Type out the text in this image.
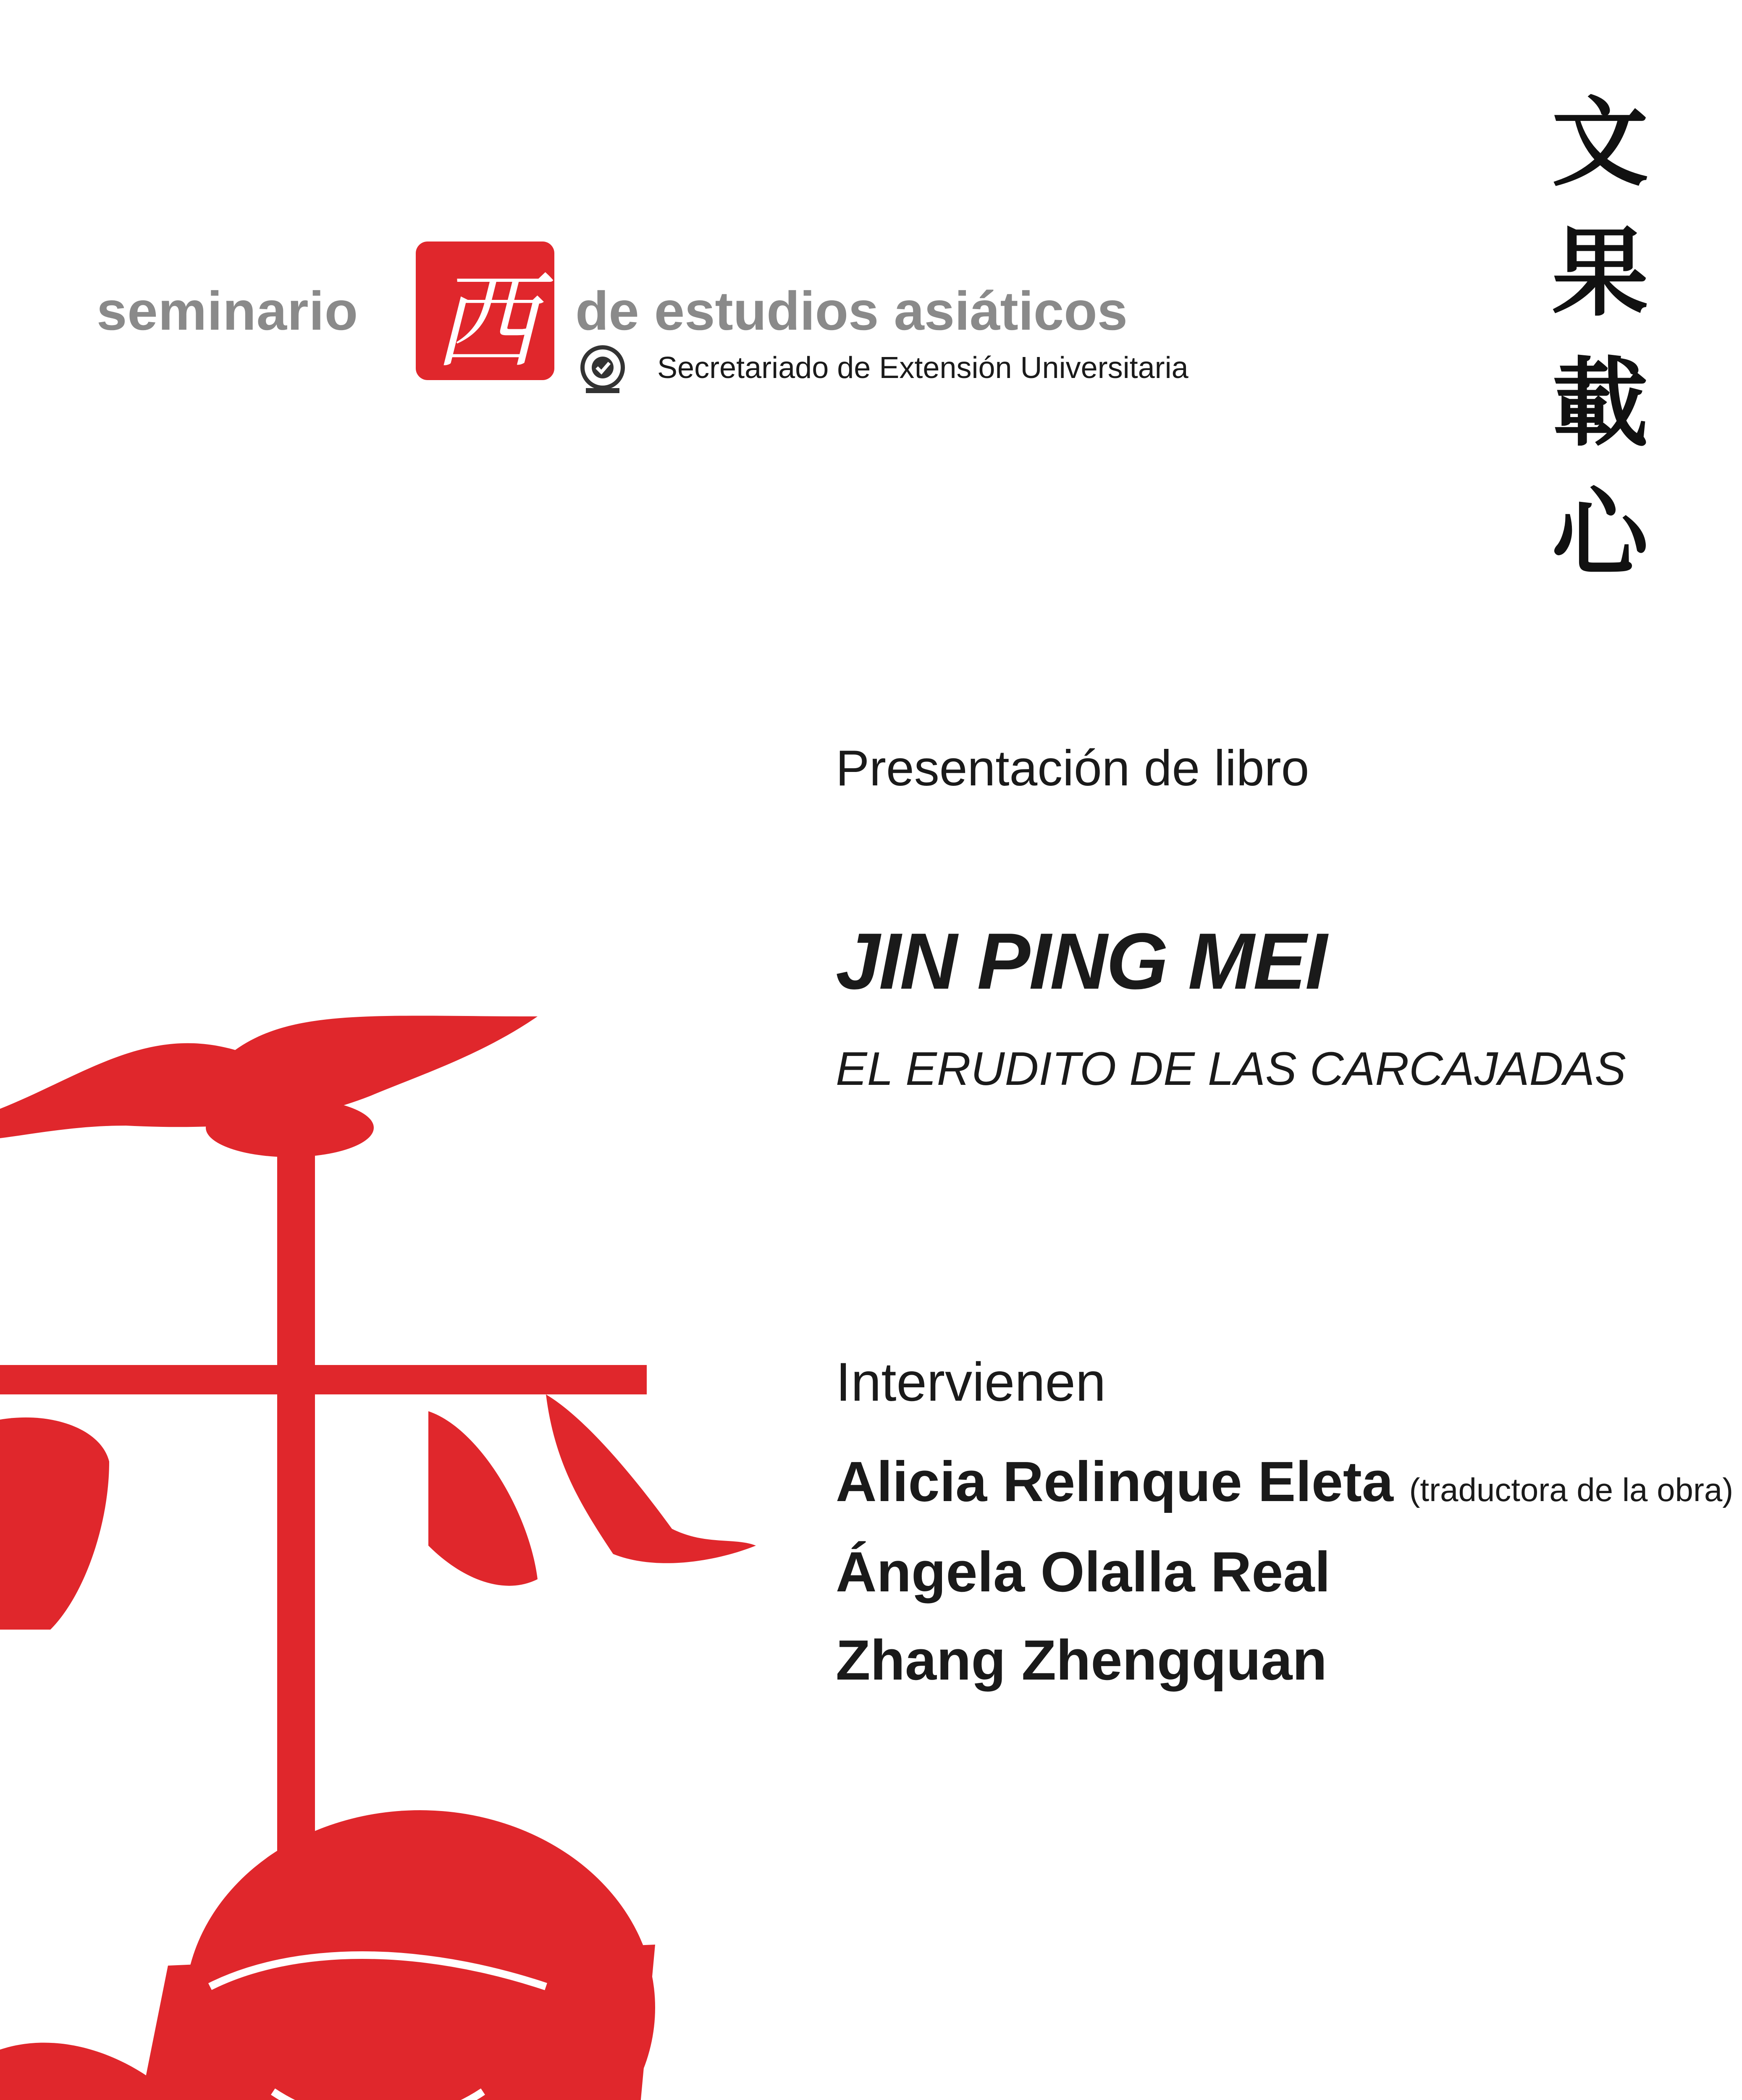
seminario 西 de estudios asiáticos
Secretariado de Extensión Universitaria
文
果
載
心
Presentación de libro
JIN PING MEI
EL ERUDITO DE LAS CARCAJADAS
Intervienen
Alicia Relinque Eleta (traductora de la obra)
Ángela Olalla Real
Zhang Zhengquan
